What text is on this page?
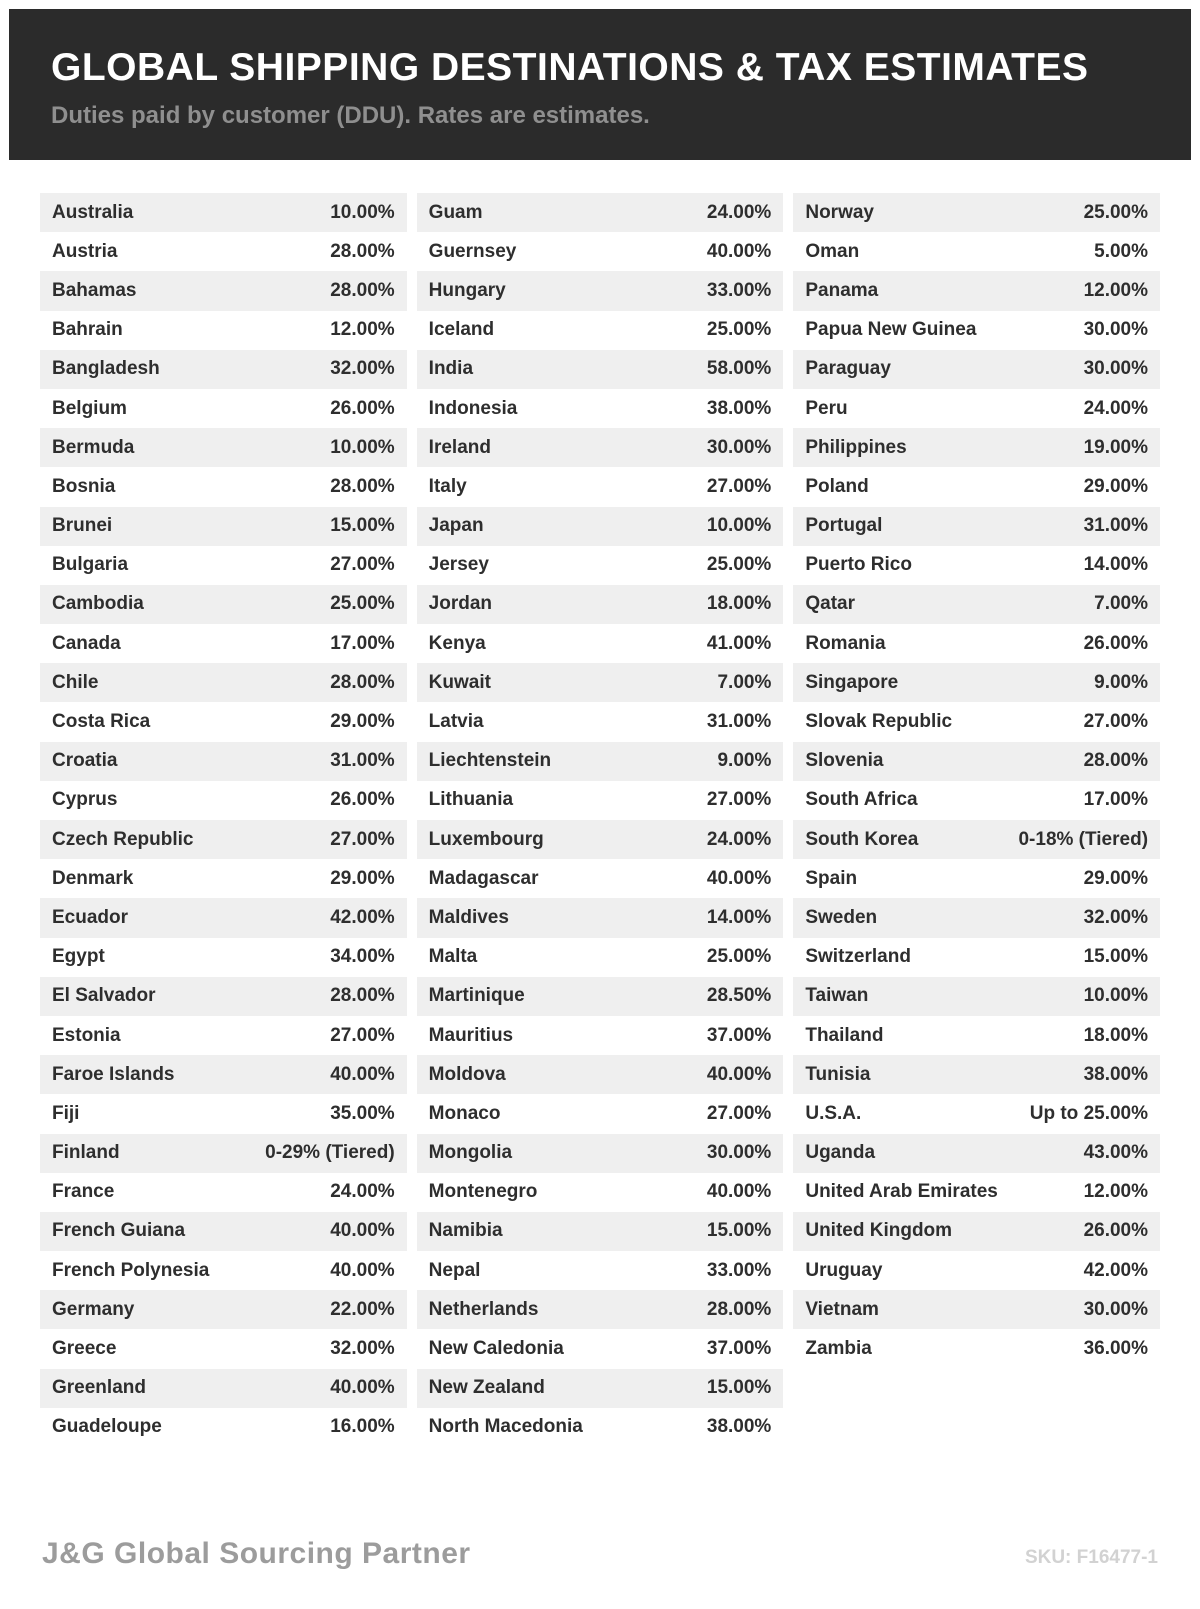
GLOBAL SHIPPING DESTINATIONS & TAX ESTIMATES

Duties paid by customer (DDU). Rates are estimates.

Australia	10.00%
Austria	28.00%
Bahamas	28.00%
Bahrain	12.00%
Bangladesh	32.00%
Belgium	26.00%
Bermuda	10.00%
Bosnia	28.00%
Brunei	15.00%
Bulgaria	27.00%
Cambodia	25.00%
Canada	17.00%
Chile	28.00%
Costa Rica	29.00%
Croatia	31.00%
Cyprus	26.00%
Czech Republic	27.00%
Denmark	29.00%
Ecuador	42.00%
Egypt	34.00%
El Salvador	28.00%
Estonia	27.00%
Faroe Islands	40.00%
Fiji	35.00%
Finland	0-29% (Tiered)
France	24.00%
French Guiana	40.00%
French Polynesia	40.00%
Germany	22.00%
Greece	32.00%
Greenland	40.00%
Guadeloupe	16.00%
Guam	24.00%
Guernsey	40.00%
Hungary	33.00%
Iceland	25.00%
India	58.00%
Indonesia	38.00%
Ireland	30.00%
Italy	27.00%
Japan	10.00%
Jersey	25.00%
Jordan	18.00%
Kenya	41.00%
Kuwait	7.00%
Latvia	31.00%
Liechtenstein	9.00%
Lithuania	27.00%
Luxembourg	24.00%
Madagascar	40.00%
Maldives	14.00%
Malta	25.00%
Martinique	28.50%
Mauritius	37.00%
Moldova	40.00%
Monaco	27.00%
Mongolia	30.00%
Montenegro	40.00%
Namibia	15.00%
Nepal	33.00%
Netherlands	28.00%
New Caledonia	37.00%
New Zealand	15.00%
North Macedonia	38.00%
Norway	25.00%
Oman	5.00%
Panama	12.00%
Papua New Guinea	30.00%
Paraguay	30.00%
Peru	24.00%
Philippines	19.00%
Poland	29.00%
Portugal	31.00%
Puerto Rico	14.00%
Qatar	7.00%
Romania	26.00%
Singapore	9.00%
Slovak Republic	27.00%
Slovenia	28.00%
South Africa	17.00%
South Korea	0-18% (Tiered)
Spain	29.00%
Sweden	32.00%
Switzerland	15.00%
Taiwan	10.00%
Thailand	18.00%
Tunisia	38.00%
U.S.A.	Up to 25.00%
Uganda	43.00%
United Arab Emirates	12.00%
United Kingdom	26.00%
Uruguay	42.00%
Vietnam	30.00%
Zambia	36.00%
J&G Global Sourcing Partner	SKU: F16477-1
